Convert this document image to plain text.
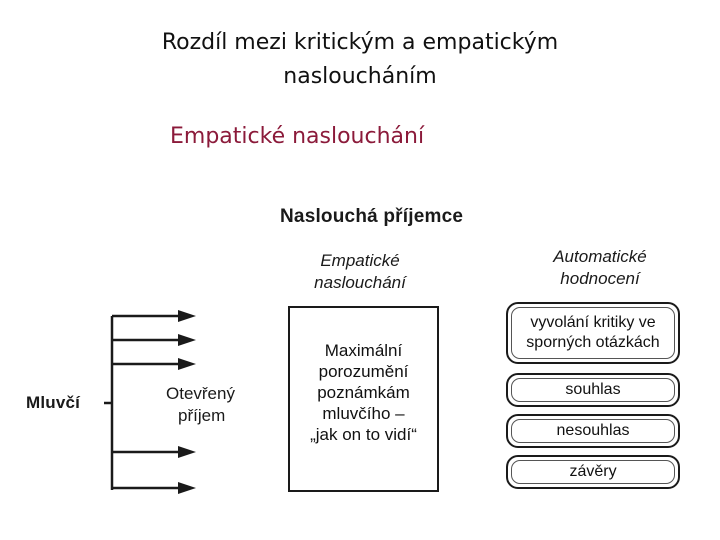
Rozdíl mezi kritickým a empatickým
nasloucháním
Empatické naslouchání
Naslouchá příjemce
Mluvčí	Otevřený
příjem
Empatické
naslouchání
Maximální
porozumění
poznámkám
mluvčího –
„jak on to vidí“
Automatické
hodnocení
vyvolání kritiky ve
sporných otázkách
souhlas
nesouhlas
závěry
